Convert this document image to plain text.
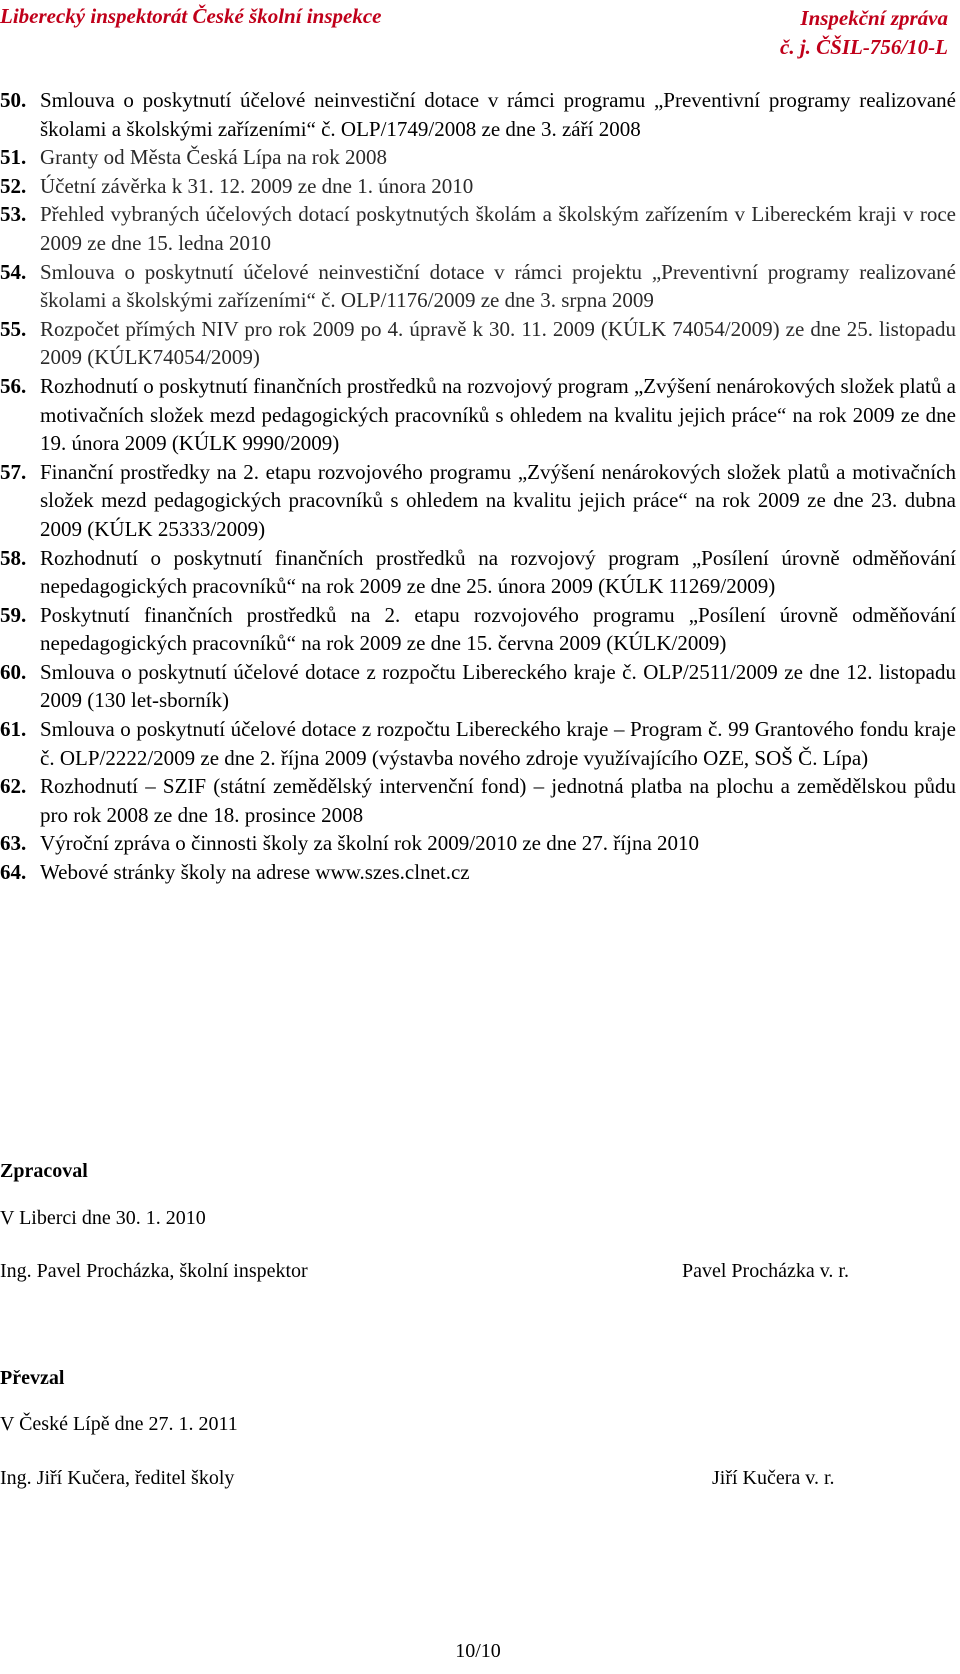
Liberecký inspektorát České školní inspekce	Inspekční zpráva
č. j. ČŠIL-756/10-L
50. Smlouva o poskytnutí účelové neinvestiční dotace v rámci programu „Preventivní programy realizované školami a školskými zařízeními“ č. OLP/1749/2008 ze dne 3. září 2008
51. Granty od Města Česká Lípa na rok 2008
52. Účetní závěrka k 31. 12. 2009 ze dne 1. února 2010
53. Přehled vybraných účelových dotací poskytnutých školám a školským zařízením v Libereckém kraji v roce 2009 ze dne 15. ledna 2010
54. Smlouva o poskytnutí účelové neinvestiční dotace v rámci projektu „Preventivní programy realizované školami a školskými zařízeními“ č. OLP/1176/2009 ze dne 3. srpna 2009
55. Rozpočet přímých NIV pro rok 2009 po 4. úpravě k 30. 11. 2009 (KÚLK 74054/2009) ze dne 25. listopadu 2009 (KÚLK74054/2009)
56. Rozhodnutí o poskytnutí finančních prostředků na rozvojový program „Zvýšení nenárokových složek platů a motivačních složek mezd pedagogických pracovníků s ohledem na kvalitu jejich práce“ na rok 2009 ze dne 19. února 2009 (KÚLK 9990/2009)
57. Finanční prostředky na 2. etapu rozvojového programu „Zvýšení nenárokových složek platů a motivačních složek mezd pedagogických pracovníků s ohledem na kvalitu jejich práce“ na rok 2009 ze dne 23. dubna 2009 (KÚLK 25333/2009)
58. Rozhodnutí o poskytnutí finančních prostředků na rozvojový program „Posílení úrovně odměňování nepedagogických pracovníků“ na rok 2009 ze dne 25. února 2009 (KÚLK 11269/2009)
59. Poskytnutí finančních prostředků na 2. etapu rozvojového programu „Posílení úrovně odměňování nepedagogických pracovníků“ na rok 2009 ze dne 15. června 2009 (KÚLK/2009)
60. Smlouva o poskytnutí účelové dotace z rozpočtu Libereckého kraje č. OLP/2511/2009 ze dne 12. listopadu 2009 (130 let-sborník)
61. Smlouva o poskytnutí účelové dotace z rozpočtu Libereckého kraje – Program č. 99 Grantového fondu kraje č. OLP/2222/2009 ze dne 2. října 2009 (výstavba nového zdroje využívajícího OZE, SOŠ Č. Lípa)
62. Rozhodnutí – SZIF (státní zemědělský intervenční fond) – jednotná platba na plochu a zemědělskou půdu pro rok 2008 ze dne 18. prosince 2008
63. Výroční zpráva o činnosti školy za školní rok 2009/2010 ze dne 27. října 2010
64. Webové stránky školy na adrese www.szes.clnet.cz
Zpracoval
V Liberci dne 30. 1. 2010
Ing. Pavel Procházka, školní inspektor	Pavel Procházka v. r.
Převzal
V České Lípě dne 27. 1. 2011
Ing. Jiří Kučera, ředitel školy	Jiří Kučera v. r.
10/10
